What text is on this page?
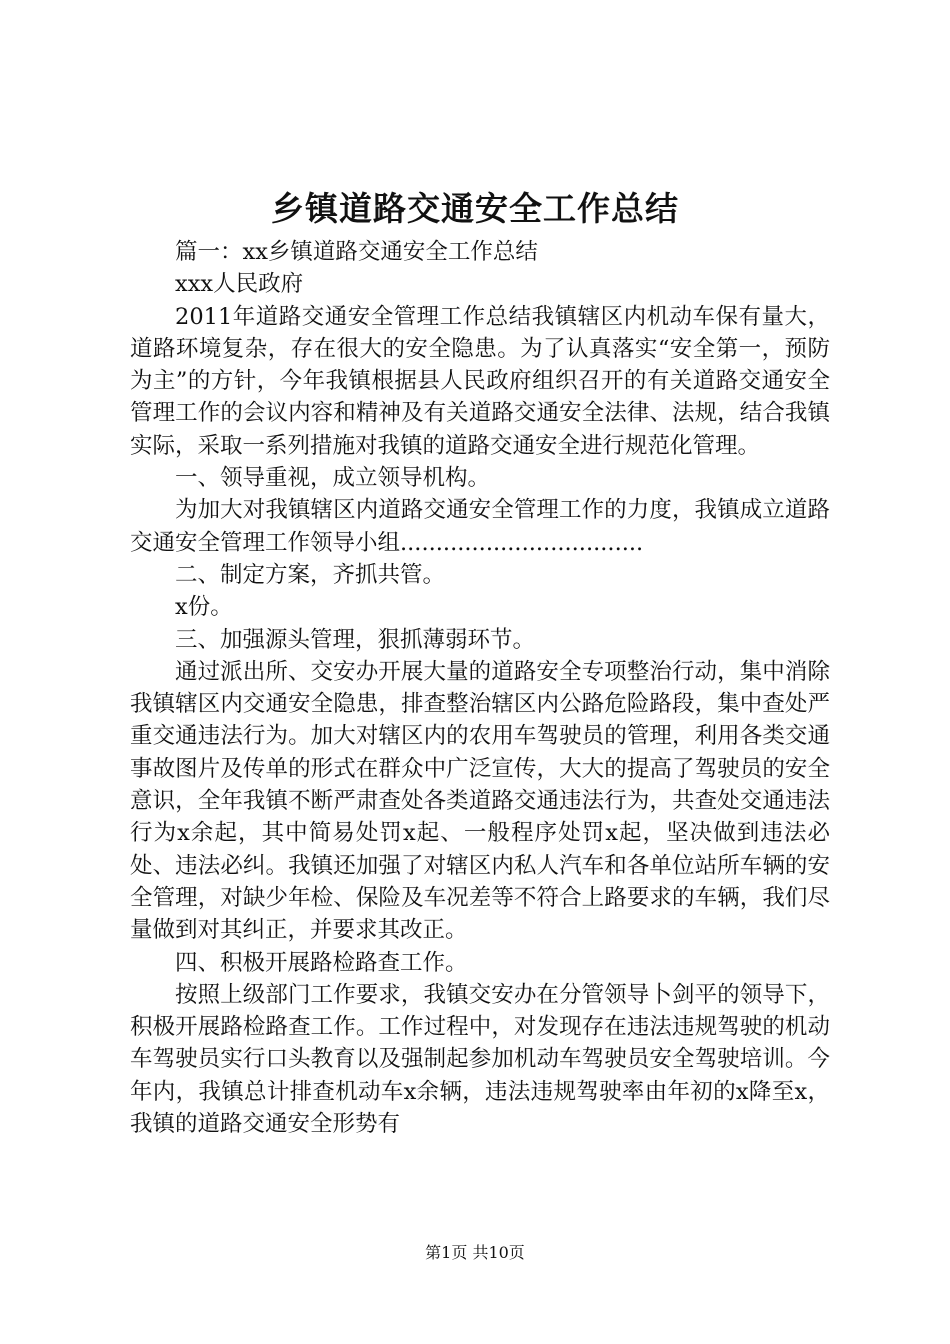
乡镇道路交通安全工作总结

篇一：xx乡镇道路交通安全工作总结

xxx人民政府

2011年道路交通安全管理工作总结我镇辖区内机动车保有量大，道路环境复杂，存在很大的安全隐患。为了认真落实“安全第一，预防为主”的方针，今年我镇根据县人民政府组织召开的有关道路交通安全管理工作的会议内容和精神及有关道路交通安全法律、法规，结合我镇实际，采取一系列措施对我镇的道路交通安全进行规范化管理。

一、领导重视，成立领导机构。

为加大对我镇辖区内道路交通安全管理工作的力度，我镇成立道路交通安全管理工作领导小组..................................

二、制定方案，齐抓共管。

x份。

三、加强源头管理，狠抓薄弱环节。

通过派出所、交安办开展大量的道路安全专项整治行动，集中消除我镇辖区内交通安全隐患，排查整治辖区内公路危险路段，集中查处严重交通违法行为。加大对辖区内的农用车驾驶员的管理，利用各类交通事故图片及传单的形式在群众中广泛宣传，大大的提高了驾驶员的安全意识，全年我镇不断严肃查处各类道路交通违法行为，共查处交通违法行为x余起，其中简易处罚x起、一般程序处罚x起，坚决做到违法必处、违法必纠。我镇还加强了对辖区内私人汽车和各单位站所车辆的安全管理，对缺少年检、保险及车况差等不符合上路要求的车辆，我们尽量做到对其纠正，并要求其改正。

四、积极开展路检路查工作。

按照上级部门工作要求，我镇交安办在分管领导卜剑平的领导下，积极开展路检路查工作。工作过程中，对发现存在违法违规驾驶的机动车驾驶员实行口头教育以及强制起参加机动车驾驶员安全驾驶培训。今年内，我镇总计排查机动车x余辆，违法违规驾驶率由年初的x降至x，我镇的道路交通安全形势有

第1页 共10页
